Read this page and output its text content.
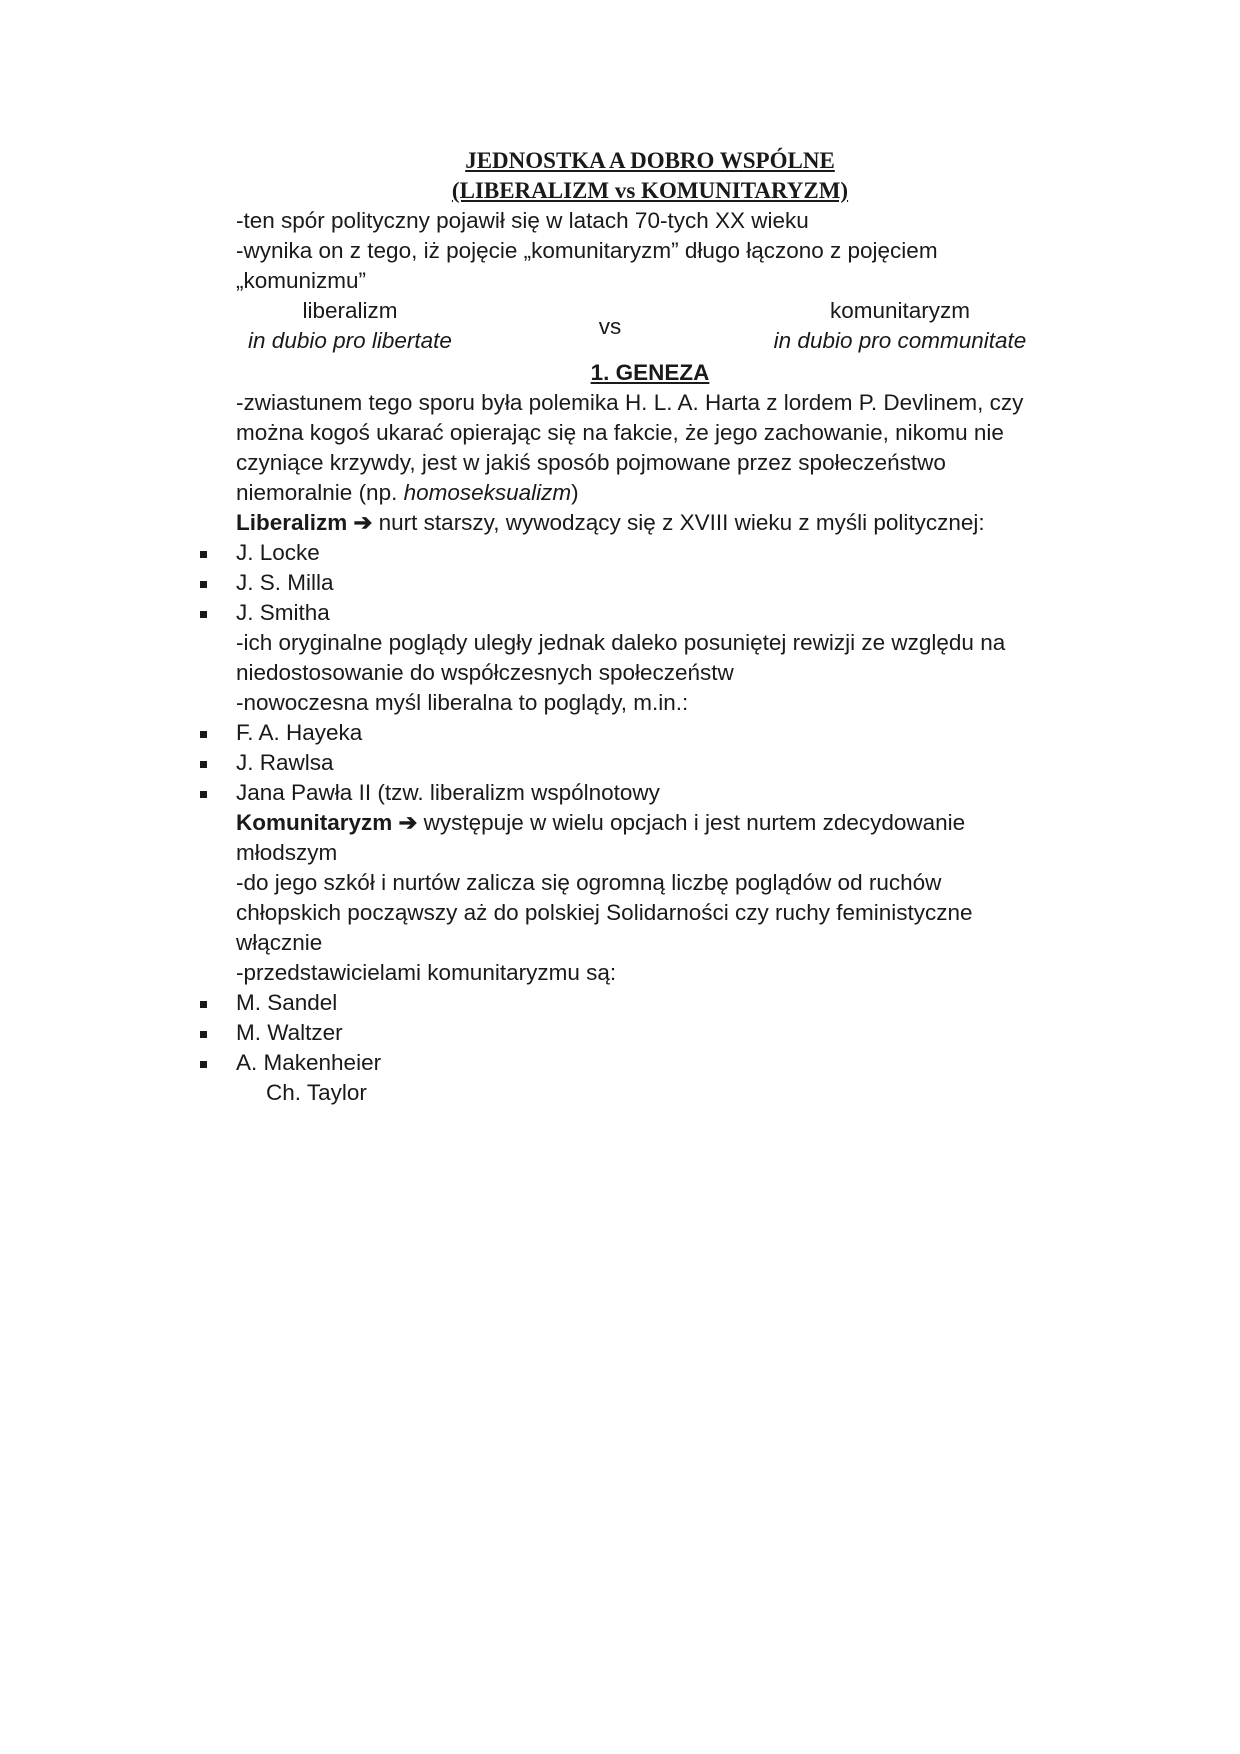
JEDNOSTKA A DOBRO WSPÓLNE
(LIBERALIZM vs KOMUNITARYZM)
-ten spór polityczny pojawił się w latach 70-tych XX wieku
-wynika on z tego, iż pojęcie „komunitaryzm” długo łączono z pojęciem
„komunizmu”
liberalizm
in dubio pro libertate
vs
komunitaryzm
in dubio pro communitate
1. GENEZA
-zwiastunem tego sporu była polemika H. L. A. Harta z lordem P. Devlinem, czy
można kogoś ukarać opierając się na fakcie, że jego zachowanie, nikomu nie
czyniące krzywdy, jest w jakiś sposób pojmowane przez społeczeństwo
niemoralnie (np. homoseksualizm)
Liberalizm ➔ nurt starszy, wywodzący się z XVIII wieku z myśli politycznej:
J. Locke
J. S. Milla
J. Smitha
-ich oryginalne poglądy uległy jednak daleko posuniętej rewizji ze względu na
niedostosowanie do współczesnych społeczeństw
-nowoczesna myśl liberalna to poglądy, m.in.:
F. A. Hayeka
J. Rawlsa
Jana Pawła II (tzw. liberalizm wspólnotowy
Komunitaryzm ➔ występuje w wielu opcjach i jest nurtem zdecydowanie
młodszym
-do jego szkół i nurtów zalicza się ogromną liczbę poglądów od ruchów
chłopskich począwszy aż do polskiej Solidarności czy ruchy feministyczne
włącznie
-przedstawicielami komunitaryzmu są:
M. Sandel
M. Waltzer
A. Makenheier
Ch. Taylor
